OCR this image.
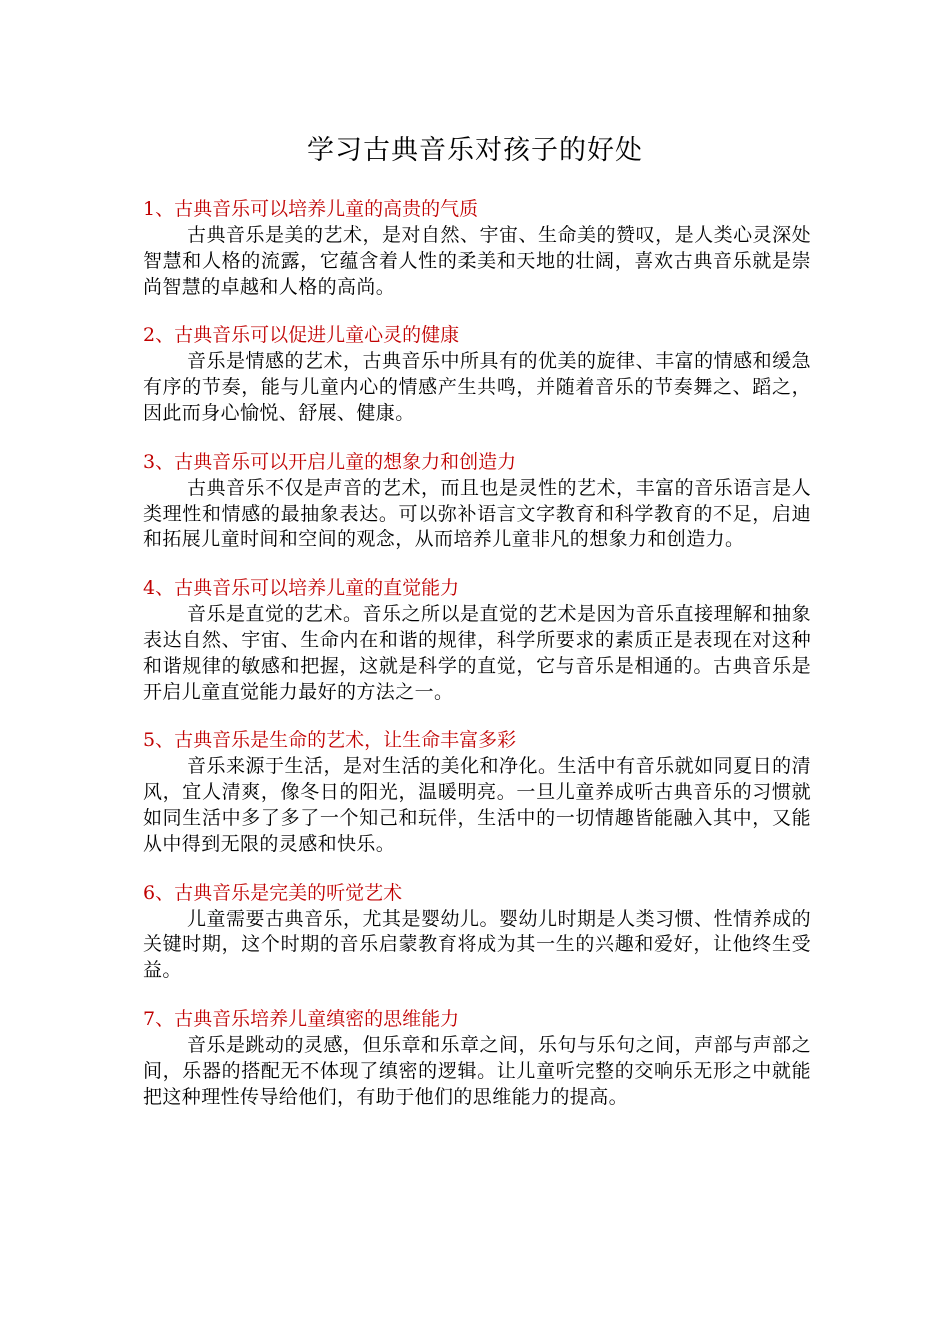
学习古典音乐对孩子的好处
1、古典音乐可以培养儿童的高贵的气质

古典音乐是美的艺术，是对自然、宇宙、生命美的赞叹，是人类心灵深处智慧和人格的流露，它蕴含着人性的柔美和天地的壮阔，喜欢古典音乐就是崇尚智慧的卓越和人格的高尚。

2、古典音乐可以促进儿童心灵的健康

音乐是情感的艺术，古典音乐中所具有的优美的旋律、丰富的情感和缓急有序的节奏，能与儿童内心的情感产生共鸣，并随着音乐的节奏舞之、蹈之，因此而身心愉悦、舒展、健康。

3、古典音乐可以开启儿童的想象力和创造力

古典音乐不仅是声音的艺术，而且也是灵性的艺术，丰富的音乐语言是人类理性和情感的最抽象表达。可以弥补语言文字教育和科学教育的不足，启迪和拓展儿童时间和空间的观念，从而培养儿童非凡的想象力和创造力。

4、古典音乐可以培养儿童的直觉能力

音乐是直觉的艺术。音乐之所以是直觉的艺术是因为音乐直接理解和抽象表达自然、宇宙、生命内在和谐的规律，科学所要求的素质正是表现在对这种和谐规律的敏感和把握，这就是科学的直觉，它与音乐是相通的。古典音乐是开启儿童直觉能力最好的方法之一。

5、古典音乐是生命的艺术，让生命丰富多彩

音乐来源于生活，是对生活的美化和净化。生活中有音乐就如同夏日的清风，宜人清爽，像冬日的阳光，温暖明亮。一旦儿童养成听古典音乐的习惯就如同生活中多了多了一个知己和玩伴，生活中的一切情趣皆能融入其中，又能从中得到无限的灵感和快乐。

6、古典音乐是完美的听觉艺术

儿童需要古典音乐，尤其是婴幼儿。婴幼儿时期是人类习惯、性情养成的关键时期，这个时期的音乐启蒙教育将成为其一生的兴趣和爱好，让他终生受益。

7、古典音乐培养儿童缜密的思维能力

音乐是跳动的灵感，但乐章和乐章之间，乐句与乐句之间，声部与声部之间，乐器的搭配无不体现了缜密的逻辑。让儿童听完整的交响乐无形之中就能把这种理性传导给他们，有助于他们的思维能力的提高。
